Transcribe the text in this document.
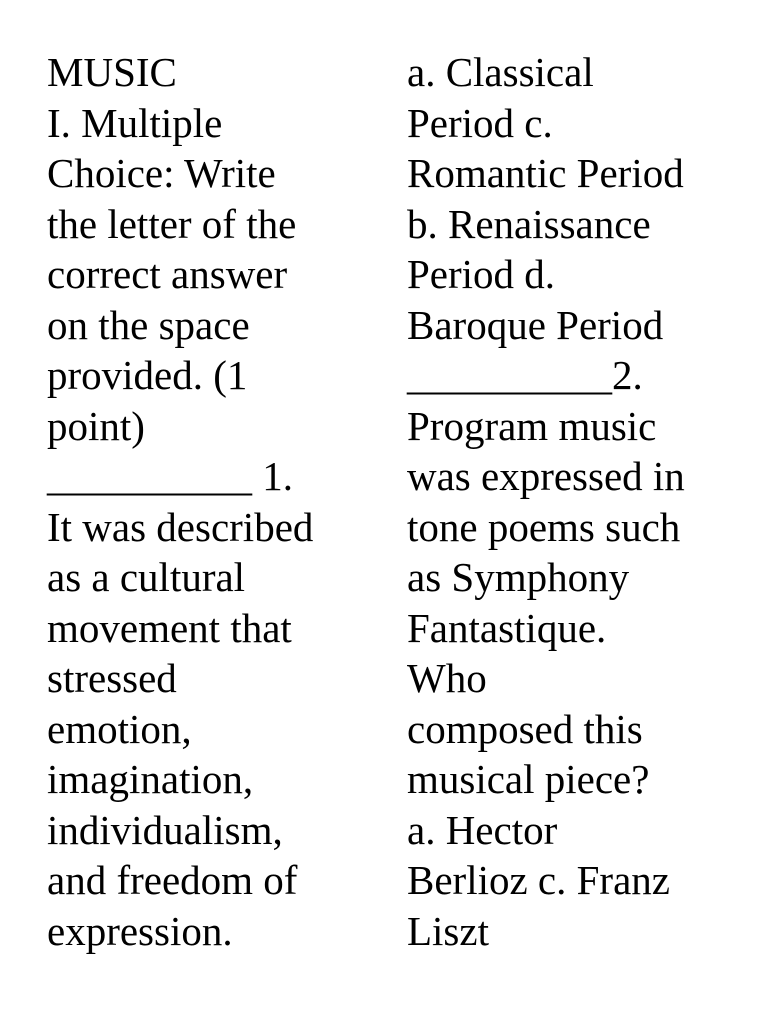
MUSIC
I. Multiple
Choice: Write
the letter of the
correct answer
on the space
provided. (1
point)
__________ 1.
It was described
as a cultural
movement that
stressed
emotion,
imagination,
individualism,
and freedom of
expression.
a. Classical
Period c.
Romantic Period
b. Renaissance
Period d.
Baroque Period
__________2.
Program music
was expressed in
tone poems such
as Symphony
Fantastique.
Who
composed this
musical piece?
a. Hector
Berlioz c. Franz
Liszt
